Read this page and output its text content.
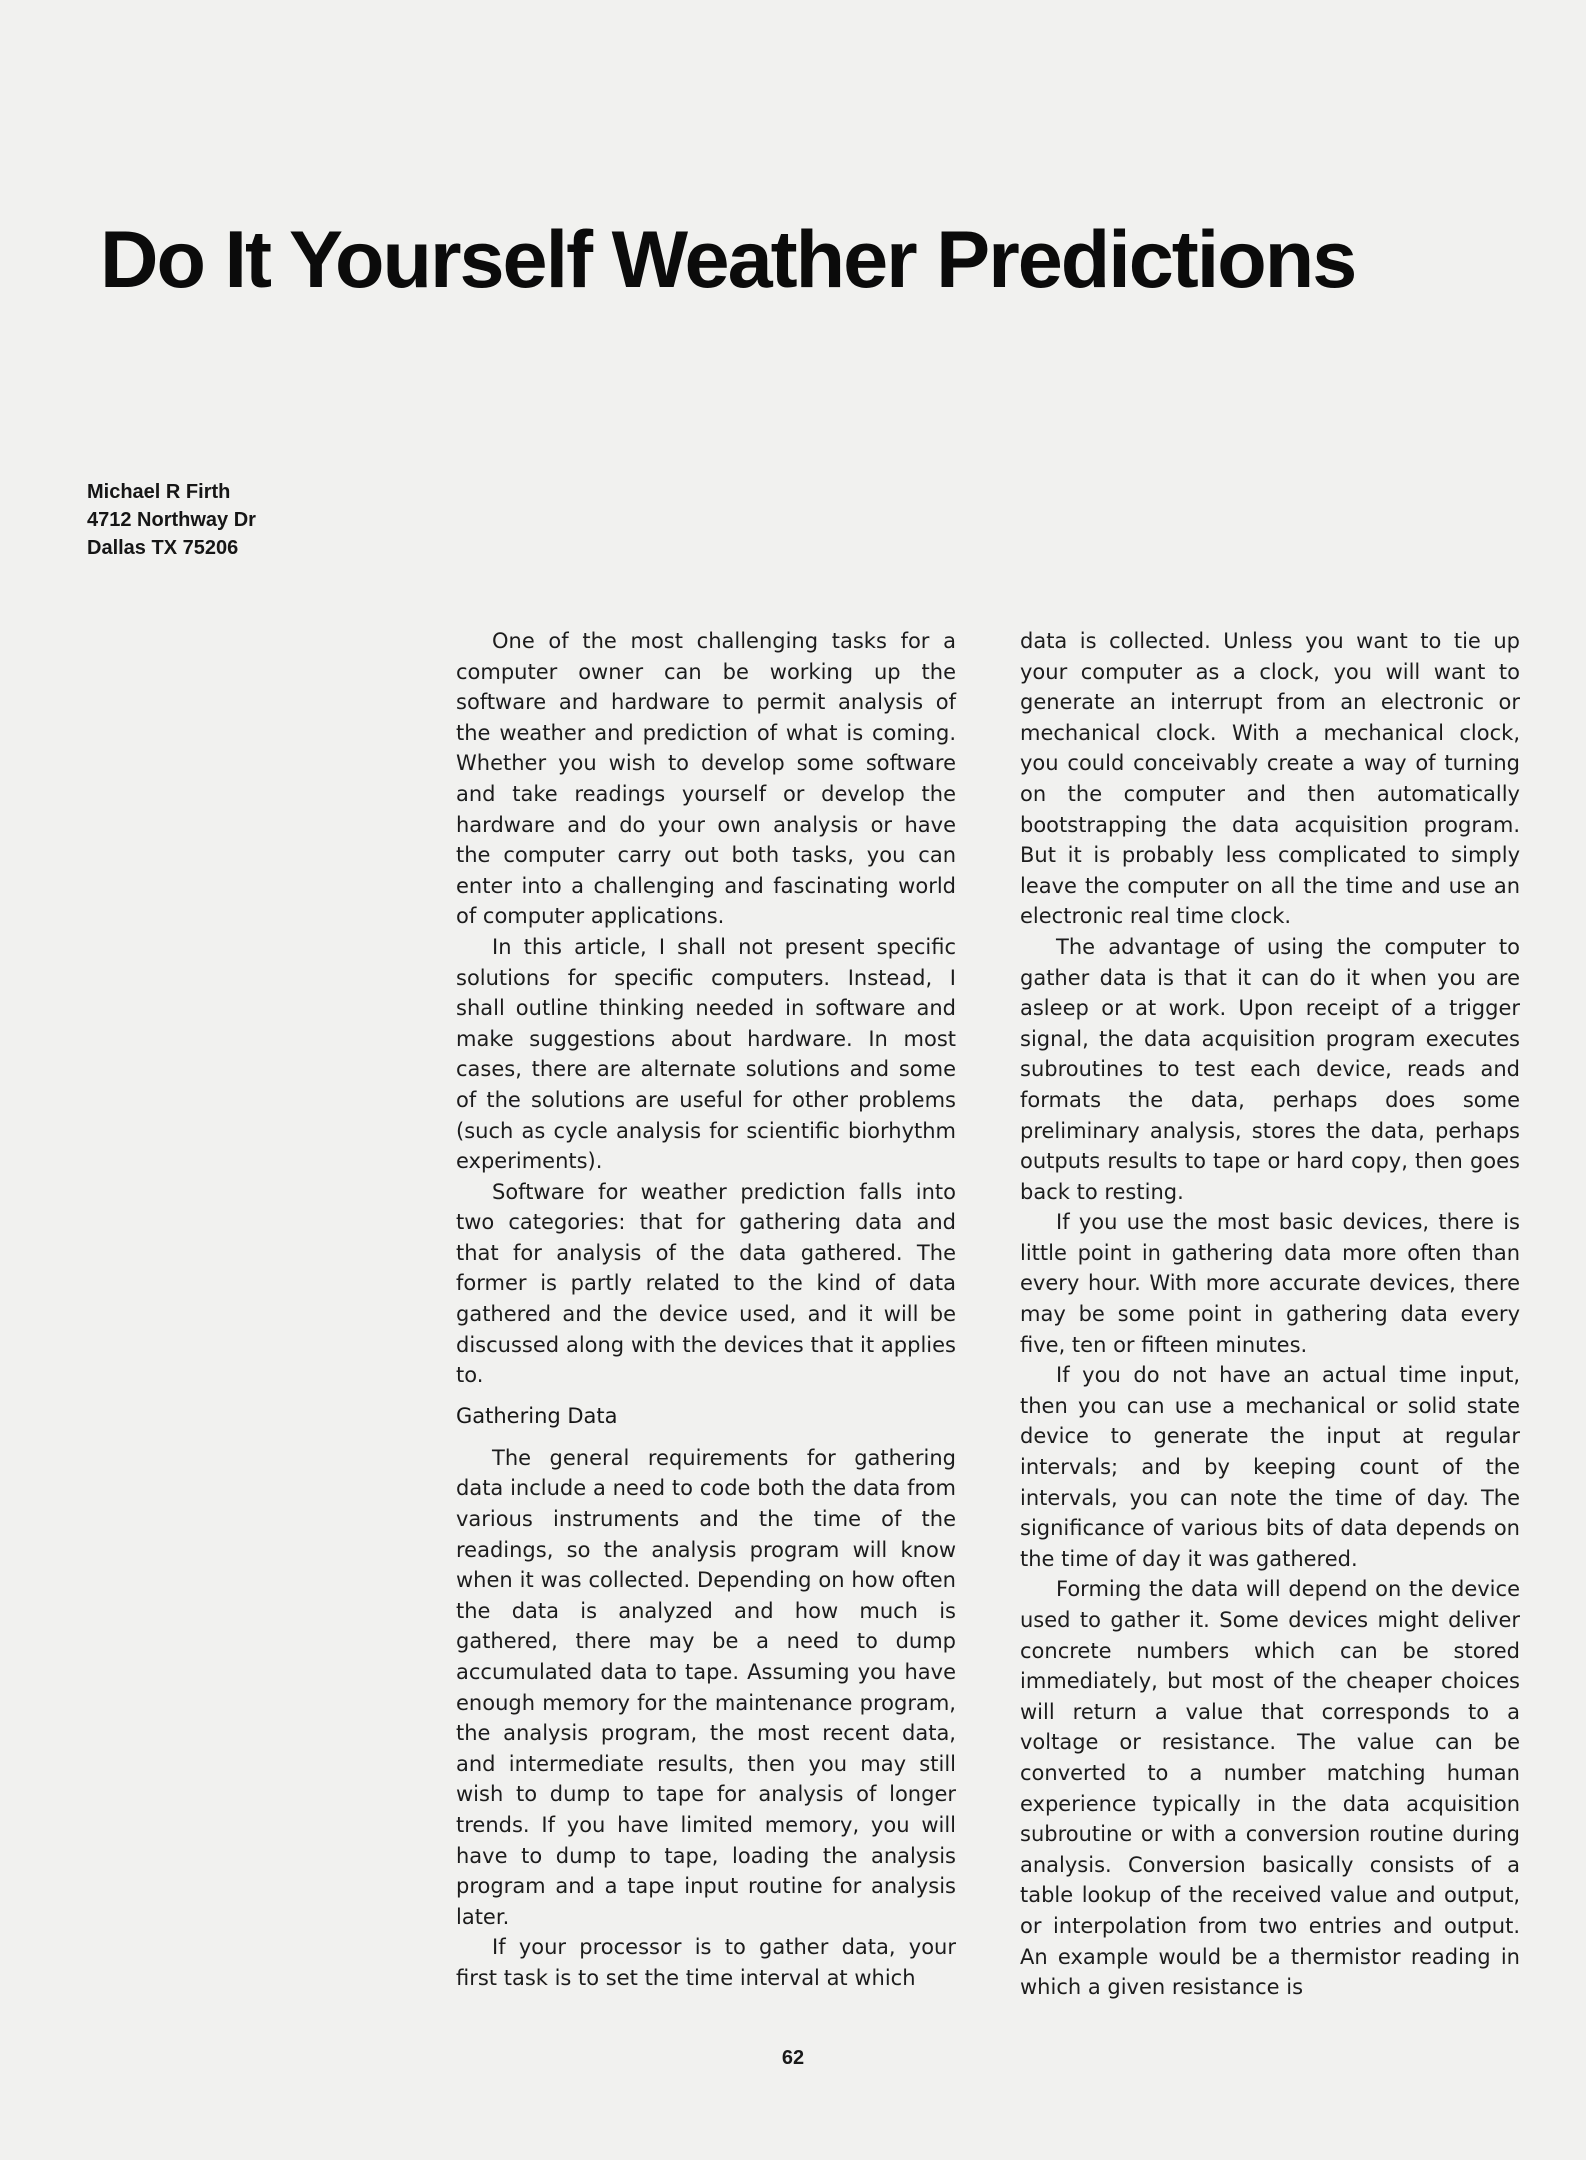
Do It Yourself Weather Predictions
Michael R Firth
4712 Northway Dr
Dallas TX 75206

One of the most challenging tasks for a computer owner can be working up the software and hardware to permit analysis of the weather and prediction of what is coming. Whether you wish to develop some software and take readings yourself or develop the hardware and do your own analysis or have the computer carry out both tasks, you can enter into a challenging and fascinating world of computer applications.

In this article, I shall not present specific solutions for specific computers. Instead, I shall outline thinking needed in software and make suggestions about hardware. In most cases, there are alternate solutions and some of the solutions are useful for other problems (such as cycle analysis for scientific biorhythm experiments).

Software for weather prediction falls into two categories: that for gathering data and that for analysis of the data gathered. The former is partly related to the kind of data gathered and the device used, and it will be discussed along with the devices that it applies to.

Gathering Data

The general requirements for gathering data include a need to code both the data from various instruments and the time of the readings, so the analysis program will know when it was collected. Depending on how often the data is analyzed and how much is gathered, there may be a need to dump accumulated data to tape. Assuming you have enough memory for the maintenance program, the analysis program, the most recent data, and intermediate results, then you may still wish to dump to tape for analysis of longer trends. If you have limited memory, you will have to dump to tape, loading the analysis program and a tape input routine for analysis later.

If your processor is to gather data, your first task is to set the time interval at which

data is collected. Unless you want to tie up your computer as a clock, you will want to generate an interrupt from an electronic or mechanical clock. With a mechanical clock, you could conceivably create a way of turning on the computer and then automatically bootstrapping the data acquisition program. But it is probably less complicated to simply leave the computer on all the time and use an electronic real time clock.

The advantage of using the computer to gather data is that it can do it when you are asleep or at work. Upon receipt of a trigger signal, the data acquisition program executes subroutines to test each device, reads and formats the data, perhaps does some preliminary analysis, stores the data, perhaps outputs results to tape or hard copy, then goes back to resting.

If you use the most basic devices, there is little point in gathering data more often than every hour. With more accurate devices, there may be some point in gathering data every five, ten or fifteen minutes.

If you do not have an actual time input, then you can use a mechanical or solid state device to generate the input at regular intervals; and by keeping count of the intervals, you can note the time of day. The significance of various bits of data depends on the time of day it was gathered.

Forming the data will depend on the device used to gather it. Some devices might deliver concrete numbers which can be stored immediately, but most of the cheaper choices will return a value that corresponds to a voltage or resistance. The value can be converted to a number matching human experience typically in the data acquisition subroutine or with a conversion routine during analysis. Conversion basically consists of a table lookup of the received value and output, or interpolation from two entries and output. An example would be a thermistor reading in which a given resistance is

62
